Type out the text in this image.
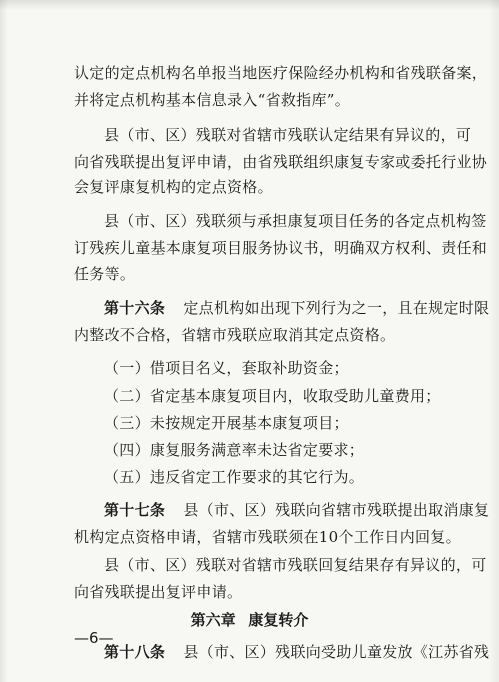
认定的定点机构名单报当地医疗保险经办机构和省残联备案，
并将定点机构基本信息录入“省救指库”。
县（市、区）残联对省辖市残联认定结果有异议的，可
向省残联提出复评申请，由省残联组织康复专家或委托行业协
会复评康复机构的定点资格。
县（市、区）残联须与承担康复项目任务的各定点机构签
订残疾儿童基本康复项目服务协议书，明确双方权利、责任和
任务等。
第十六条 定点机构如出现下列行为之一，且在规定时限
内整改不合格，省辖市残联应取消其定点资格。
（一）借项目名义，套取补助资金；
（二）省定基本康复项目内，收取受助儿童费用；
（三）未按规定开展基本康复项目；
（四）康复服务满意率未达省定要求；
（五）违反省定工作要求的其它行为。
第十七条 县（市、区）残联向省辖市残联提出取消康复
机构定点资格申请，省辖市残联须在10个工作日内回复。
县（市、区）残联对省辖市残联回复结果存有异议的，可
向省残联提出复评申请。
第六章 康复转介
第十八条 县（市、区）残联向受助儿童发放《江苏省残
—6—
